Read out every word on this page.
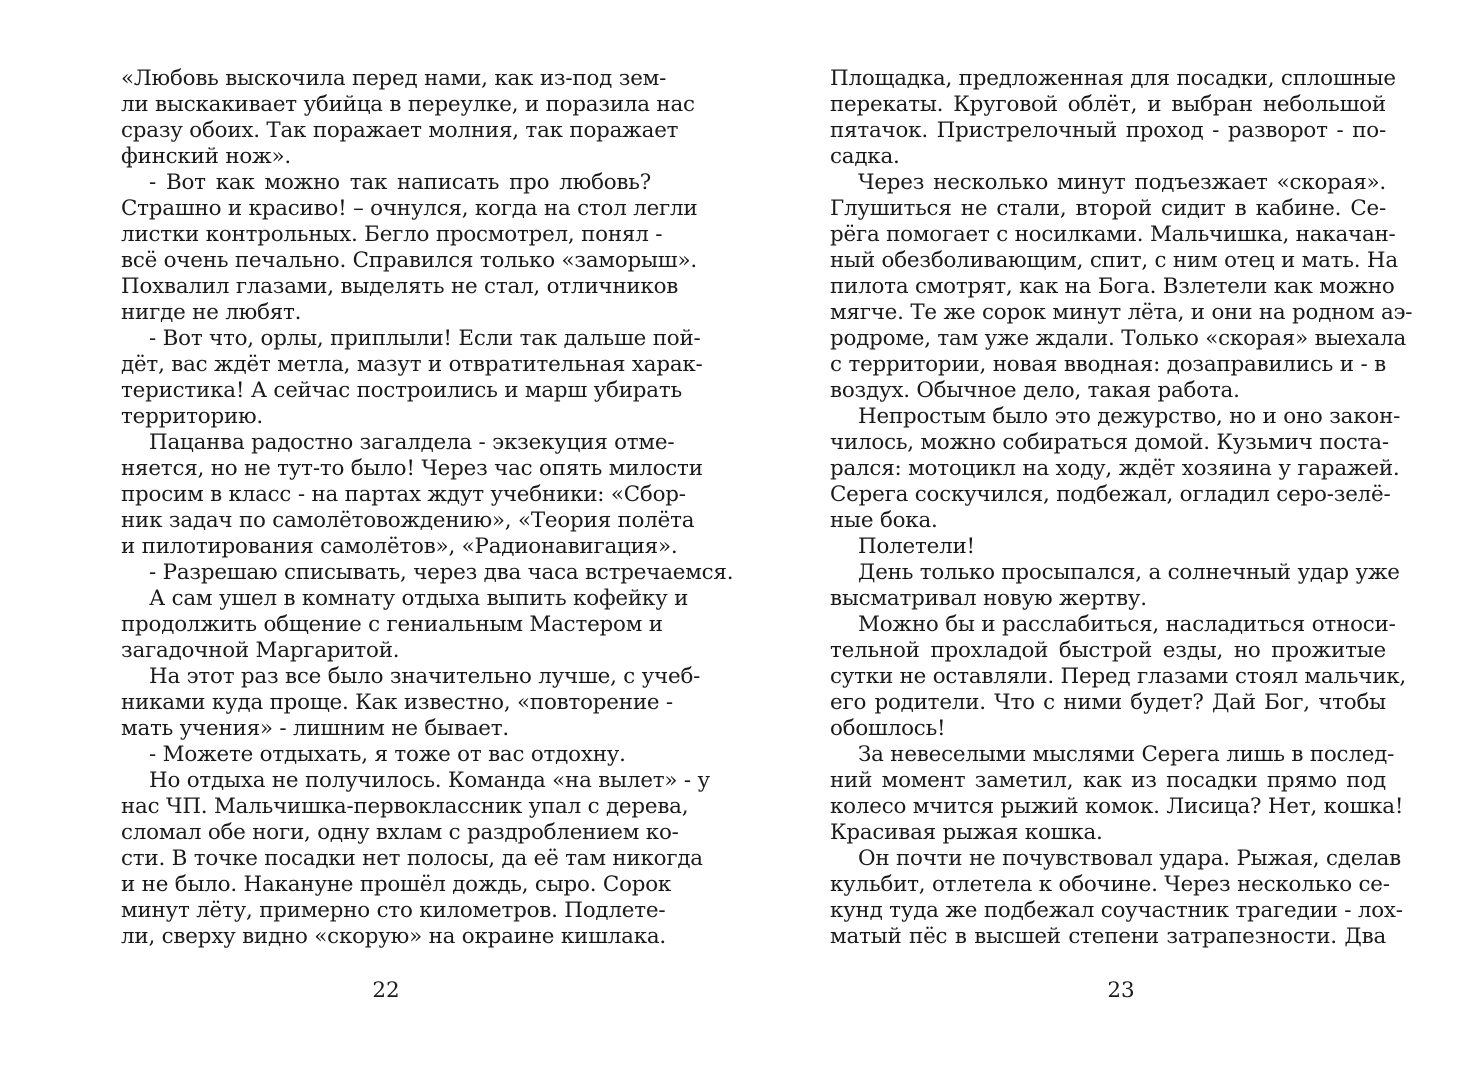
«Любовь выскочила перед нами, как из-под зем-
ли выскакивает убийца в переулке, и поразила нас
сразу обоих. Так поражает молния, так поражает
финский нож».
- Вот как можно так написать про любовь?
Страшно и красиво! – очнулся, когда на стол легли
листки контрольных. Бегло просмотрел, понял -
всё очень печально. Справился только «заморыш».
Похвалил глазами, выделять не стал, отличников
нигде не любят.
- Вот что, орлы, приплыли! Если так дальше пой-
дёт, вас ждёт метла, мазут и отвратительная харак-
теристика! А сейчас построились и марш убирать
территорию.
Пацанва радостно загалдела - экзекуция отме-
няется, но не тут-то было! Через час опять милости
просим в класс - на партах ждут учебники: «Сбор-
ник задач по самолётовождению», «Теория полёта
и пилотирования самолётов», «Радионавигация».
- Разрешаю списывать, через два часа встречаемся.
А сам ушел в комнату отдыха выпить кофейку и
продолжить общение с гениальным Мастером и
загадочной Маргаритой.
На этот раз все было значительно лучше, с учеб-
никами куда проще. Как известно, «повторение -
мать учения» - лишним не бывает.
- Можете отдыхать, я тоже от вас отдохну.
Но отдыха не получилось. Команда «на вылет» - у
нас ЧП. Мальчишка-первоклассник упал с дерева,
сломал обе ноги, одну вхлам с раздроблением ко-
сти. В точке посадки нет полосы, да её там никогда
и не было. Накануне прошёл дождь, сыро. Сорок
минут лёту, примерно сто километров. Подлете-
ли, сверху видно «скорую» на окраине кишлака.
22
Площадка, предложенная для посадки, сплошные
перекаты. Круговой облёт, и выбран небольшой
пятачок. Пристрелочный проход - разворот - по-
садка.
Через несколько минут подъезжает «скорая».
Глушиться не стали, второй сидит в кабине. Се-
рёга помогает с носилками. Мальчишка, накачан-
ный обезболивающим, спит, с ним отец и мать. На
пилота смотрят, как на Бога. Взлетели как можно
мягче. Те же сорок минут лёта, и они на родном аэ-
родроме, там уже ждали. Только «скорая» выехала
с территории, новая вводная: дозаправились и - в
воздух. Обычное дело, такая работа.
Непростым было это дежурство, но и оно закон-
чилось, можно собираться домой. Кузьмич поста-
рался: мотоцикл на ходу, ждёт хозяина у гаражей.
Серега соскучился, подбежал, огладил серо-зелё-
ные бока.
Полетели!
День только просыпался, а солнечный удар уже
высматривал новую жертву.
Можно бы и расслабиться, насладиться относи-
тельной прохладой быстрой езды, но прожитые
сутки не оставляли. Перед глазами стоял мальчик,
его родители. Что с ними будет? Дай Бог, чтобы
обошлось!
За невеселыми мыслями Серега лишь в послед-
ний момент заметил, как из посадки прямо под
колесо мчится рыжий комок. Лисица? Нет, кошка!
Красивая рыжая кошка.
Он почти не почувствовал удара. Рыжая, сделав
кульбит, отлетела к обочине. Через несколько се-
кунд туда же подбежал соучастник трагедии - лох-
матый пёс в высшей степени затрапезности. Два
23
